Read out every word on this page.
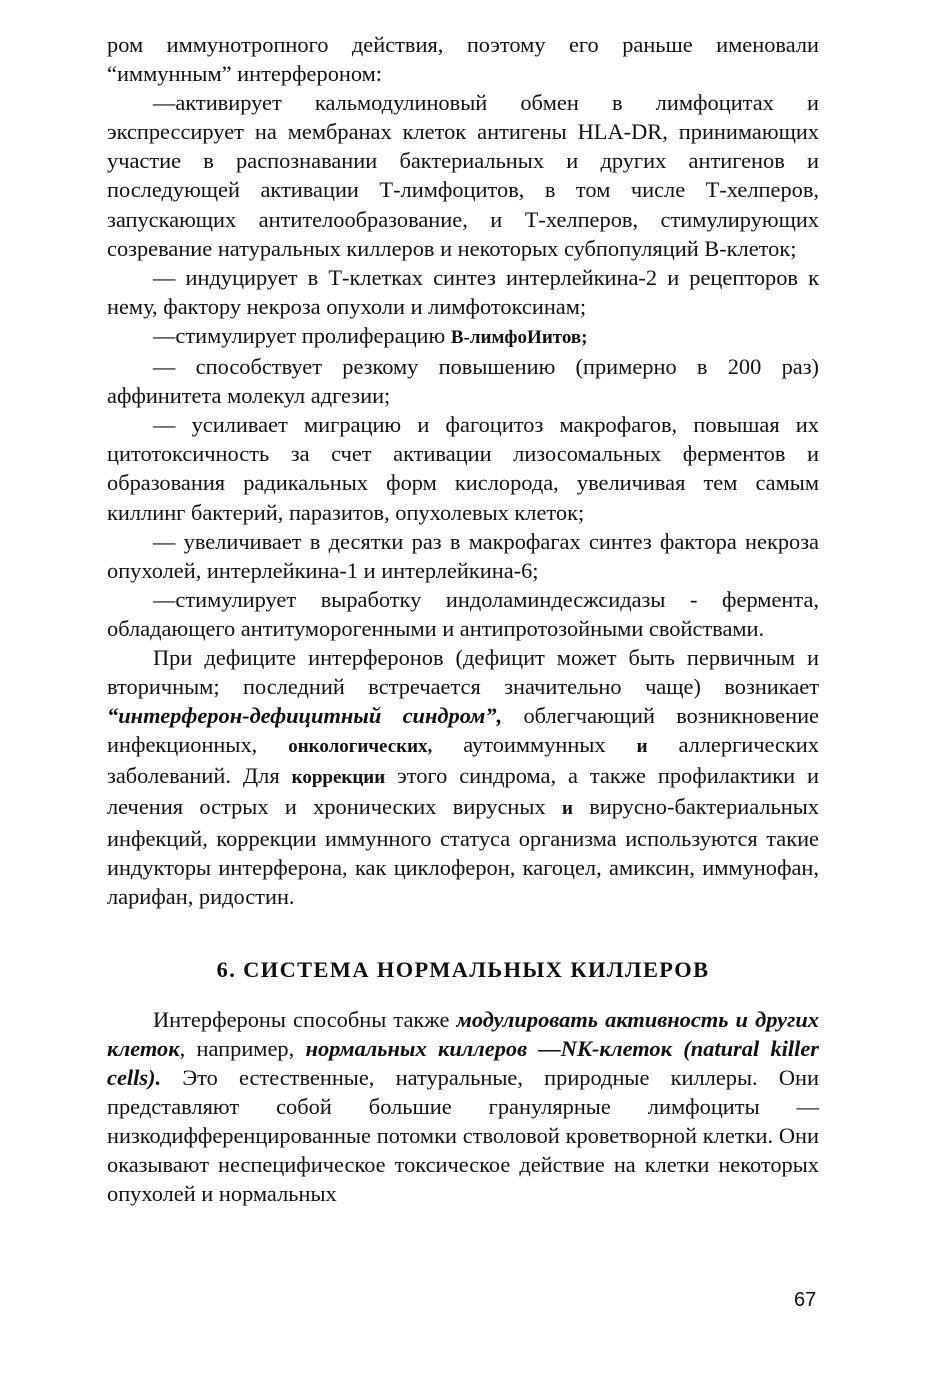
ром иммунотропного действия, поэтому его раньше именовали “иммунным” интерфероном:

—активирует кальмодулиновый обмен в лимфоцитах и экспрессирует на мембранах клеток антигены HLA-DR, принимающих участие в распознавании бактериальных и других антигенов и последующей активации Т-лимфоцитов, в том числе Т-хелперов, запускающих антителообразование, и Т-хелперов, стимулирующих созревание натуральных киллеров и некоторых субпопуляций В-клеток;

— индуцирует в Т-клетках синтез интерлейкина-2 и рецепторов к нему, фактору некроза опухоли и лимфотоксинам;

—стимулирует пролиферацию В-лимфоИитов;

— способствует резкому повышению (примерно в 200 раз) аффинитета молекул адгезии;

— усиливает миграцию и фагоцитоз макрофагов, повышая их цитотоксичность за счет активации лизосомальных ферментов и образования радикальных форм кислорода, увеличивая тем самым киллинг бактерий, паразитов, опухолевых клеток;

— увеличивает в десятки раз в макрофагах синтез фактора некроза опухолей, интерлейкина-1 и интерлейкина-6;

—стимулирует выработку индоламиндесжсидазы - фермента, обладающего антитуморогенными и антипротозойными свойствами.

При дефиците интерферонов (дефицит может быть первичным и вторичным; последний встречается значительно чаще) возникает “интерферон-дефицитный синдром”, облегчающий возникновение инфекционных, онкологических, аутоиммунных и аллергических заболеваний. Для коррекции этого синдрома, а также профилактики и лечения острых и хронических вирусных и вирусно-бактериальных инфекций, коррекции иммунного статуса организма используются такие индукторы интерферона, как циклоферон, кагоцел, амиксин, иммунофан, ларифан, ридостин.

6. СИСТЕМА НОРМАЛЬНЫХ КИЛЛЕРОВ

Интерфероны способны также модулировать активность и других клеток, например, нормальных киллеров —NK-клеток (natural killer cells). Это естественные, натуральные, природные киллеры. Они представляют собой большие гранулярные лимфоциты —низкодифференцированные потомки стволовой кроветворной клетки. Они оказывают неспецифическое токсическое действие на клетки некоторых опухолей и нормальных

67
